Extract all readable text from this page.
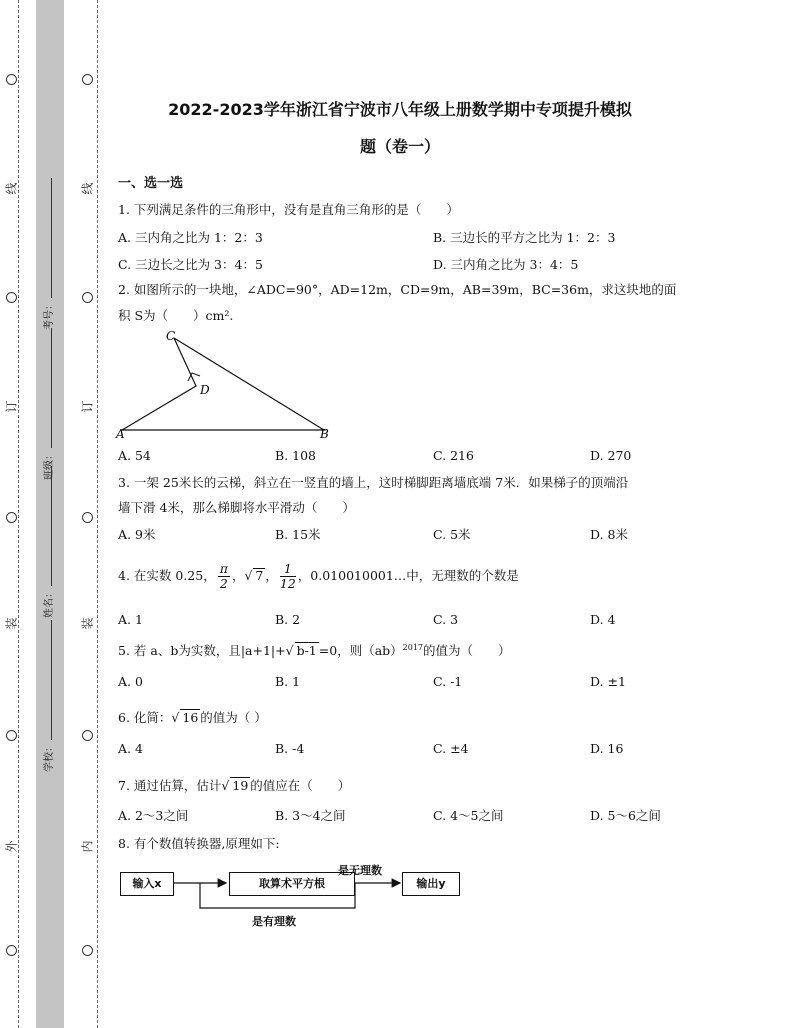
线
订
装
外
线
订
装
内
考号：
班级：
姓名：
学校：
2022-2023学年浙江省宁波市八年级上册数学期中专项提升模拟
题（卷一）
一、选一选
1. 下列满足条件的三角形中，没有是直角三角形的是（　　）
A. 三内角之比为 1：2：3	B. 三边长的平方之比为 1：2：3
C. 三边长之比为 3：4：5	D. 三内角之比为 3：4：5
2. 如图所示的一块地，∠ADC=90°，AD=12m，CD=9m，AB=39m，BC=36m，求这块地的面
积 S为（　　）cm².
C
D
A	B
A. 54	B. 108	C. 216	D. 270
3. 一架 25米长的云梯，斜立在一竖直的墙上，这时梯脚距离墙底端 7米．如果梯子的顶端沿
墙下滑 4米，那么梯脚将水平滑动（　　）
A. 9米	B. 15米	C. 5米	D. 8米
4. 在实数 0.25， $\frac{\pi}{2}$ ，√ 7 ， $\frac{1}{12}$ ，0.010010001…中，无理数的个数是
A. 1	B. 2	C. 3	D. 4
5. 若 a、b为实数，且|a+1|+√ b-1 =0，则（ab）$^{2017}$的值为（　　）
A. 0	B. 1	C. -1	D. ±1
6. 化简：√ 16 的值为（ ）
A. 4	B. -4	C. ±4	D. 16
7. 通过估算，估计√ 19 的值应在（　　）
A. 2～3之间	B. 3～4之间	C. 4～5之间	D. 5～6之间
8. 有个数值转换器,原理如下:
输入x	取算术平方根	输出y
是无理数
是有理数
